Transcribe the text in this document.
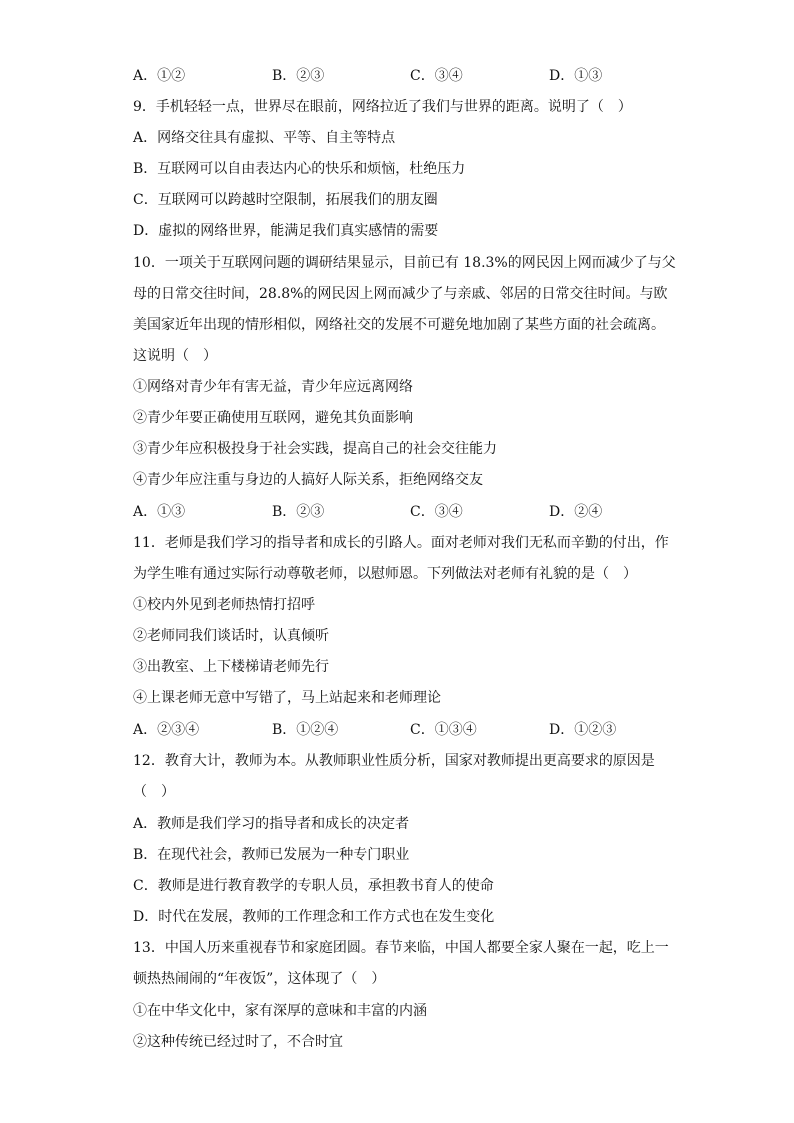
A．①②	B．②③	C．③④	D．①③
9．手机轻轻一点，世界尽在眼前，网络拉近了我们与世界的距离。说明了（　）
A．网络交往具有虚拟、平等、自主等特点
B．互联网可以自由表达内心的快乐和烦恼，杜绝压力
C．互联网可以跨越时空限制，拓展我们的朋友圈
D．虚拟的网络世界，能满足我们真实感情的需要
10．一项关于互联网问题的调研结果显示，目前已有 18.3%的网民因上网而减少了与父
母的日常交往时间，28.8%的网民因上网而减少了与亲戚、邻居的日常交往时间。与欧
美国家近年出现的情形相似，网络社交的发展不可避免地加剧了某些方面的社会疏离。
这说明（　）
①网络对青少年有害无益，青少年应远离网络
②青少年要正确使用互联网，避免其负面影响
③青少年应积极投身于社会实践，提高自己的社会交往能力
④青少年应注重与身边的人搞好人际关系，拒绝网络交友
A．①③	B．②③	C．③④	D．②④
11．老师是我们学习的指导者和成长的引路人。面对老师对我们无私而辛勤的付出，作
为学生唯有通过实际行动尊敬老师，以慰师恩。下列做法对老师有礼貌的是（　）
①校内外见到老师热情打招呼
②老师同我们谈话时，认真倾听
③出教室、上下楼梯请老师先行
④上课老师无意中写错了，马上站起来和老师理论
A．②③④	B．①②④	C．①③④	D．①②③
12．教育大计，教师为本。从教师职业性质分析，国家对教师提出更高要求的原因是
（　）
A．教师是我们学习的指导者和成长的决定者
B．在现代社会，教师已发展为一种专门职业
C．教师是进行教育教学的专职人员，承担教书育人的使命
D．时代在发展，教师的工作理念和工作方式也在发生变化
13．中国人历来重视春节和家庭团圆。春节来临，中国人都要全家人聚在一起，吃上一
顿热热闹闹的“年夜饭”，这体现了（　）
①在中华文化中，家有深厚的意味和丰富的内涵
②这种传统已经过时了，不合时宜
